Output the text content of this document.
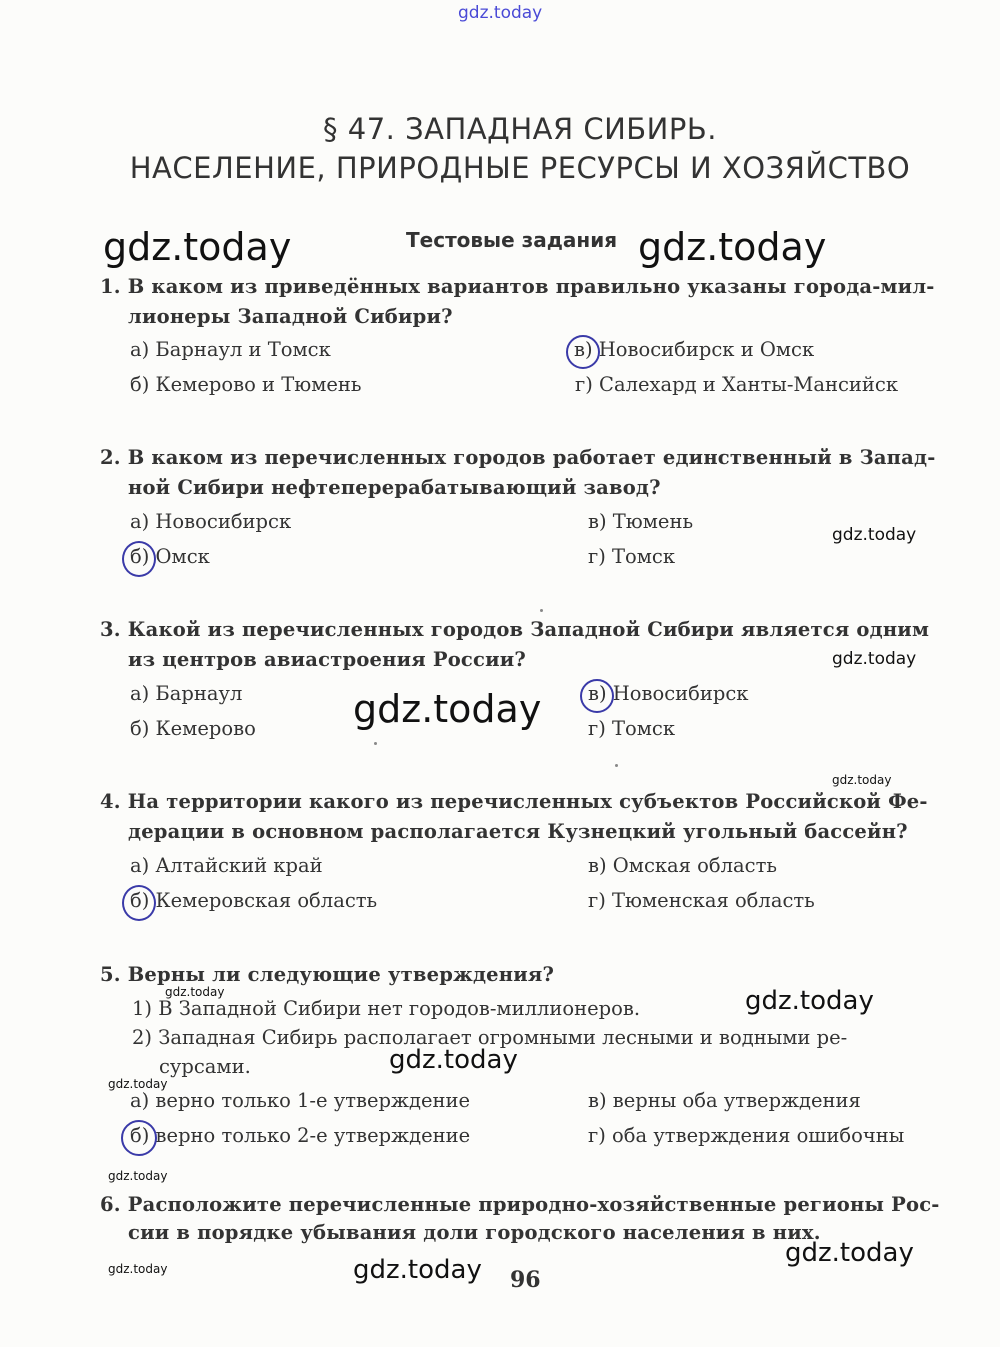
gdz.today
§ 47. ЗАПАДНАЯ СИБИРЬ.
НАСЕЛЕНИЕ, ПРИРОДНЫЕ РЕСУРСЫ И ХОЗЯЙСТВО
Тестовые задания
1. В каком из приведённых вариантов правильно указаны города-мил-
лионеры Западной Сибири?
а) Барнаул и Томск
б) Кемерово и Тюмень
в) Новосибирск и Омск
г) Салехард и Ханты-Мансийск
2. В каком из перечисленных городов работает единственный в Запад-
ной Сибири нефтеперерабатывающий завод?
а) Новосибирск
б) Омск
в) Тюмень
г) Томск
3. Какой из перечисленных городов Западной Сибири является одним
из центров авиастроения России?
а) Барнаул
б) Кемерово
в) Новосибирск
г) Томск
4. На территории какого из перечисленных субъектов Российской Фе-
дерации в основном располагается Кузнецкий угольный бассейн?
а) Алтайский край
б) Кемеровская область
в) Омская область
г) Тюменская область
5. Верны ли следующие утверждения?
1) В Западной Сибири нет городов-миллионеров.
2) Западная Сибирь располагает огромными лесными и водными ре-
сурсами.
а) верно только 1-е утверждение
б) верно только 2-е утверждение
в) верны оба утверждения
г) оба утверждения ошибочны
6. Расположите перечисленные природно-хозяйственные регионы Рос-
сии в порядке убывания доли городского населения в них.
96
gdz.today	gdz.today
gdz.today
gdz.today
gdz.today
gdz.today
gdz.today	gdz.today
gdz.today
gdz.today
gdz.today
gdz.today
gdz.today	gdz.today
